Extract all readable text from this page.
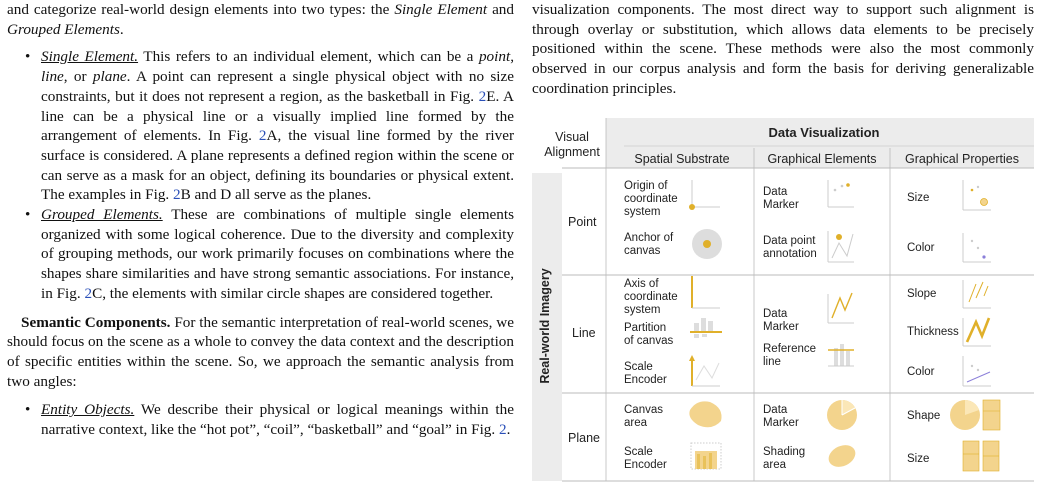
and categorize real-world design elements into two types: the Single Element and Grouped Elements.

• Single Element. This refers to an individual element, which can be a point, line, or plane. A point can represent a single physical object with no size constraints, but it does not represent a region, as the basketball in Fig. 2E. A line can be a physical line or a visually implied line formed by the arrangement of elements. In Fig. 2A, the visual line formed by the river surface is considered. A plane represents a defined region within the scene or can serve as a mask for an object, defining its boundaries or physical extent. The examples in Fig. 2B and D all serve as the planes.
• Grouped Elements. These are combinations of multiple single elements organized with some logical coherence. Due to the diversity and complexity of grouping methods, our work primarily focuses on combinations where the shapes share similarities and have strong semantic associations. For instance, in Fig. 2C, the elements with similar circle shapes are considered together.

Semantic Components. For the semantic interpretation of real-world scenes, we should focus on the scene as a whole to convey the data context and the description of specific entities within the scene. So, we approach the semantic analysis from two angles:

• Entity Objects. We describe their physical or logical meanings within the narrative context, like the “hot pot”, “coil”, “basketball” and “goal” in Fig. 2.

visualization components. The most direct way to support such alignment is through overlay or substitution, which allows data elements to be precisely positioned within the scene. These methods were also the most commonly observed in our corpus analysis and form the basis for deriving generalizable coordination principles.

Visual
Alignment
Data Visualization
Spatial Substrate	Graphical Elements	Graphical Properties
Real-world Imagery
Point
Line
Plane
Origin of
coordinate
system
Anchor of
canvas
Data
Marker
Data point
annotation
Size
Color
Axis of
coordinate
system
Partition
of canvas
Scale
Encoder
Data
Marker
Reference
line
Slope
Thickness
Color
Canvas
area
Scale
Encoder
Data
Marker
Shading
area
Shape
Size
